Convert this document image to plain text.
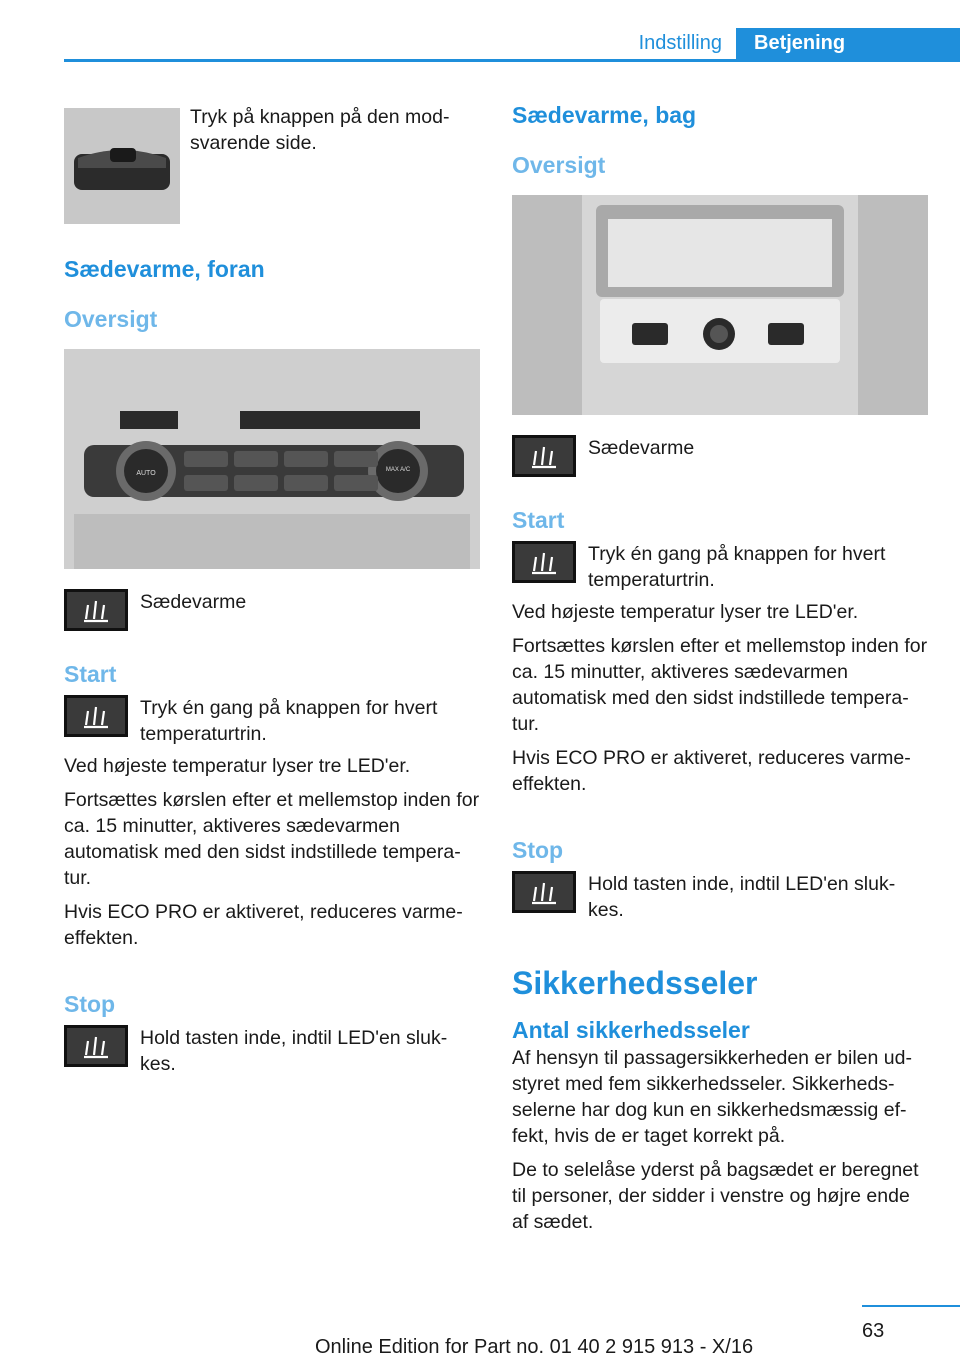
Indstilling	Betjening

Tryk på knappen på den mod-svarende side.

Sædevarme, foran
Oversigt
AUTO	MAX A/C
Sædevarme
Start
Tryk én gang på knappen for hvert temperaturtrin.

Ved højeste temperatur lyser tre LED'er.

Fortsættes kørslen efter et mellemstop inden for ca. 15 minutter, aktiveres sædevarmen automatisk med den sidst indstillede tempera-tur.

Hvis ECO PRO er aktiveret, reduceres varme-effekten.

Stop
Hold tasten inde, indtil LED'en sluk-kes.
Sædevarme, bag
Oversigt
Sædevarme
Start
Tryk én gang på knappen for hvert temperaturtrin.

Ved højeste temperatur lyser tre LED'er.

Fortsættes kørslen efter et mellemstop inden for ca. 15 minutter, aktiveres sædevarmen automatisk med den sidst indstillede tempera-tur.

Hvis ECO PRO er aktiveret, reduceres varme-effekten.

Stop
Hold tasten inde, indtil LED'en sluk-kes.
Sikkerhedsseler
Antal sikkerhedsseler

Af hensyn til passagersikkerheden er bilen ud-styret med fem sikkerhedsseler. Sikkerheds-selerne har dog kun en sikkerhedsmæssig ef-fekt, hvis de er taget korrekt på.

De to selelåse yderst på bagsædet er beregnet til personer, der sidder i venstre og højre ende af sædet.

63
Online Edition for Part no. 01 40 2 915 913 - X/16
